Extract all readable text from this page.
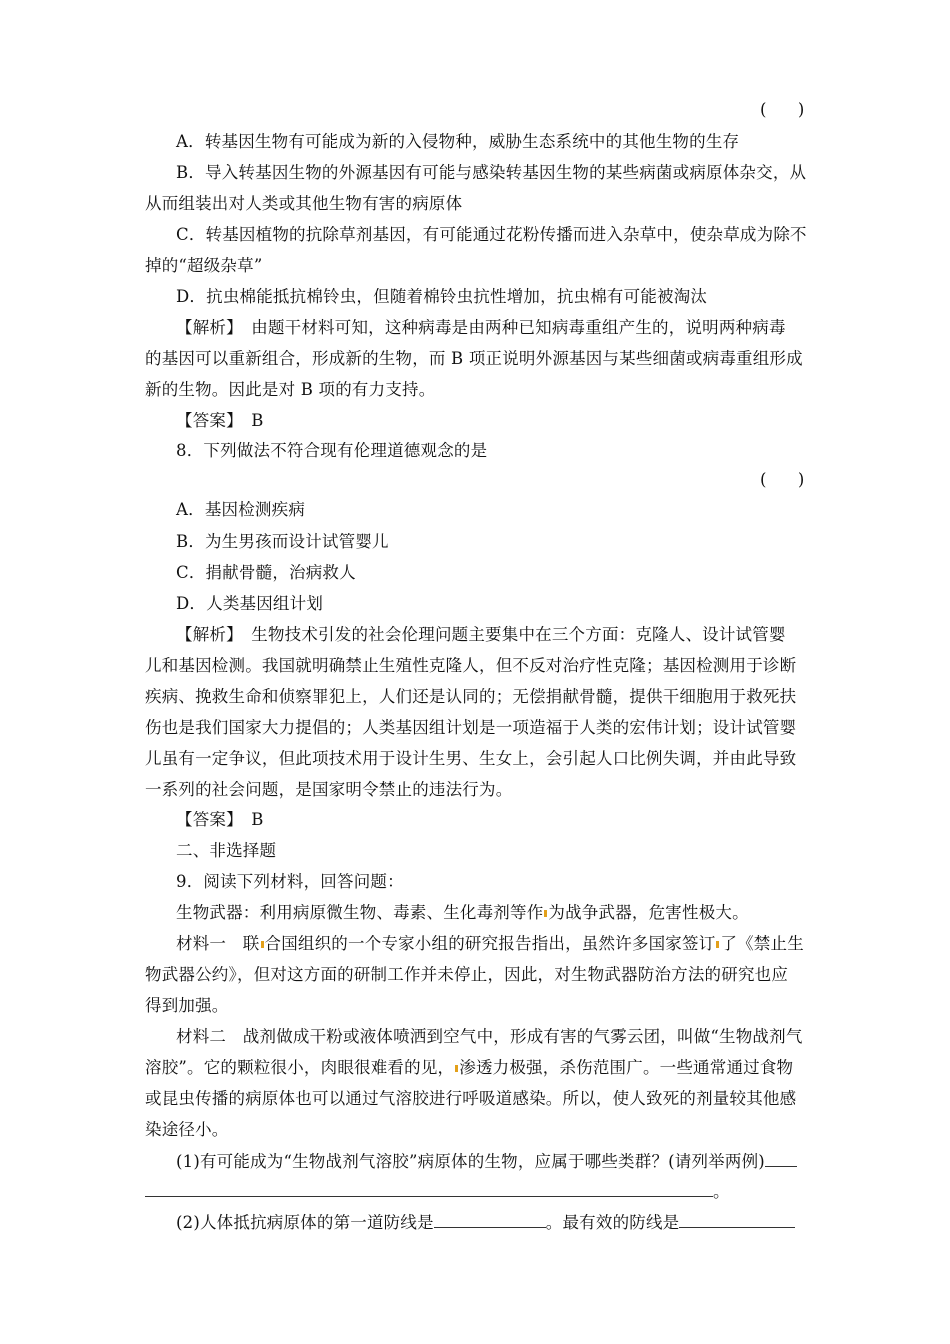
(      )
A．转基因生物有可能成为新的入侵物种，威胁生态系统中的其他生物的生存
B．导入转基因生物的外源基因有可能与感染转基因生物的某些病菌或病原体杂交，从
从而组装出对人类或其他生物有害的病原体
C．转基因植物的抗除草剂基因，有可能通过花粉传播而进入杂草中，使杂草成为除不
掉的“超级杂草”
D．抗虫棉能抵抗棉铃虫，但随着棉铃虫抗性增加，抗虫棉有可能被淘汰
【解析】　由题干材料可知，这种病毒是由两种已知病毒重组产生的，说明两种病毒
的基因可以重新组合，形成新的生物，而 B 项正说明外源基因与某些细菌或病毒重组形成
新的生物。因此是对 B 项的有力支持。
【答案】　B
8．下列做法不符合现有伦理道德观念的是
(      )
A．基因检测疾病
B．为生男孩而设计试管婴儿
C．捐献骨髓，治病救人
D．人类基因组计划
【解析】　生物技术引发的社会伦理问题主要集中在三个方面：克隆人、设计试管婴
儿和基因检测。我国就明确禁止生殖性克隆人，但不反对治疗性克隆；基因检测用于诊断
疾病、挽救生命和侦察罪犯上，人们还是认同的；无偿捐献骨髓，提供干细胞用于救死扶
伤也是我们国家大力提倡的；人类基因组计划是一项造福于人类的宏伟计划；设计试管婴
儿虽有一定争议，但此项技术用于设计生男、生女上，会引起人口比例失调，并由此导致
一系列的社会问题，是国家明令禁止的违法行为。
【答案】　B
二、非选择题
9．阅读下列材料，回答问题：
生物武器：利用病原微生物、毒素、生化毒剂等作 为战争武器，危害性极大。
材料一　联 合国组织的一个专家小组的研究报告指出，虽然许多国家签订 了《禁止生
物武器公约》，但对这方面的研制工作并未停止，因此，对生物武器防治方法的研究也应
得到加强。
材料二　战剂做成干粉或液体喷洒到空气中，形成有害的气雾云团，叫做“生物战剂气
溶胶”。它的颗粒很小，肉眼很难看的见， 渗透力极强，杀伤范围广。一些通常通过食物
或昆虫传播的病原体也可以通过气溶胶进行呼吸道感染。所以，使人致死的剂量较其他感
染途径小。
(1)有可能成为“生物战剂气溶胶”病原体的生物，应属于哪些类群？(请列举两例)
。
(2)人体抵抗病原体的第一道防线是	。最有效的防线是
